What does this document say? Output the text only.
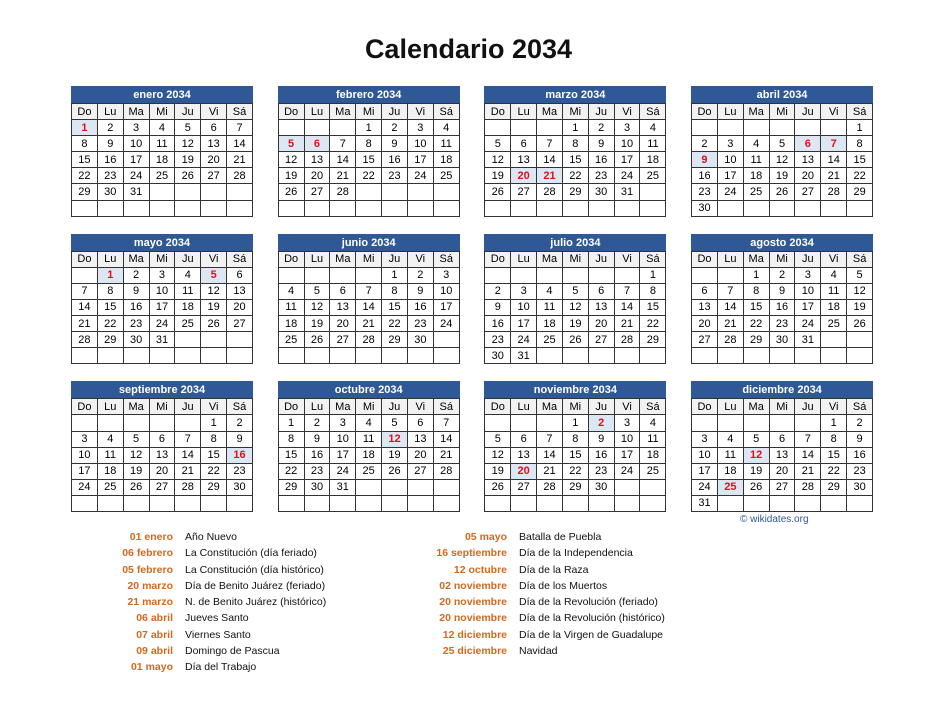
Calendario 2034
enero 2034
Do	Lu	Ma	Mi	Ju	Vi	Sá
1	2	3	4	5	6	7
8	9	10	11	12	13	14
15	16	17	18	19	20	21
22	23	24	25	26	27	28
29	30	31				

febrero 2034
Do	Lu	Ma	Mi	Ju	Vi	Sá
			1	2	3	4
5	6	7	8	9	10	11
12	13	14	15	16	17	18
19	20	21	22	23	24	25
26	27	28				

marzo 2034
Do	Lu	Ma	Mi	Ju	Vi	Sá
			1	2	3	4
5	6	7	8	9	10	11
12	13	14	15	16	17	18
19	20	21	22	23	24	25
26	27	28	29	30	31	

abril 2034
Do	Lu	Ma	Mi	Ju	Vi	Sá
						1
2	3	4	5	6	7	8
9	10	11	12	13	14	15
16	17	18	19	20	21	22
23	24	25	26	27	28	29
30						
mayo 2034
Do	Lu	Ma	Mi	Ju	Vi	Sá
	1	2	3	4	5	6
7	8	9	10	11	12	13
14	15	16	17	18	19	20
21	22	23	24	25	26	27
28	29	30	31			

junio 2034
Do	Lu	Ma	Mi	Ju	Vi	Sá
				1	2	3
4	5	6	7	8	9	10
11	12	13	14	15	16	17
18	19	20	21	22	23	24
25	26	27	28	29	30	

julio 2034
Do	Lu	Ma	Mi	Ju	Vi	Sá
						1
2	3	4	5	6	7	8
9	10	11	12	13	14	15
16	17	18	19	20	21	22
23	24	25	26	27	28	29
30	31					
agosto 2034
Do	Lu	Ma	Mi	Ju	Vi	Sá
		1	2	3	4	5
6	7	8	9	10	11	12
13	14	15	16	17	18	19
20	21	22	23	24	25	26
27	28	29	30	31		

septiembre 2034
Do	Lu	Ma	Mi	Ju	Vi	Sá
					1	2
3	4	5	6	7	8	9
10	11	12	13	14	15	16
17	18	19	20	21	22	23
24	25	26	27	28	29	30

octubre 2034
Do	Lu	Ma	Mi	Ju	Vi	Sá
1	2	3	4	5	6	7
8	9	10	11	12	13	14
15	16	17	18	19	20	21
22	23	24	25	26	27	28
29	30	31				

noviembre 2034
Do	Lu	Ma	Mi	Ju	Vi	Sá
			1	2	3	4
5	6	7	8	9	10	11
12	13	14	15	16	17	18
19	20	21	22	23	24	25
26	27	28	29	30		

diciembre 2034
Do	Lu	Ma	Mi	Ju	Vi	Sá
					1	2
3	4	5	6	7	8	9
10	11	12	13	14	15	16
17	18	19	20	21	22	23
24	25	26	27	28	29	30
31						
© wikidates.org
01 enero Año Nuevo
06 febrero La Constitución (día feriado)
05 febrero La Constitución (día histórico)
20 marzo Día de Benito Juárez (feriado)
21 marzo N. de Benito Juárez (histórico)
06 abril Jueves Santo
07 abril Viernes Santo
09 abril Domingo de Pascua
01 mayo Día del Trabajo
05 mayo Batalla de Puebla
16 septiembre Día de la Independencia
12 octubre Día de la Raza
02 noviembre Día de los Muertos
20 noviembre Día de la Revolución (feriado)
20 noviembre Día de la Revolución (histórico)
12 diciembre Día de la Virgen de Guadalupe
25 diciembre Navidad
